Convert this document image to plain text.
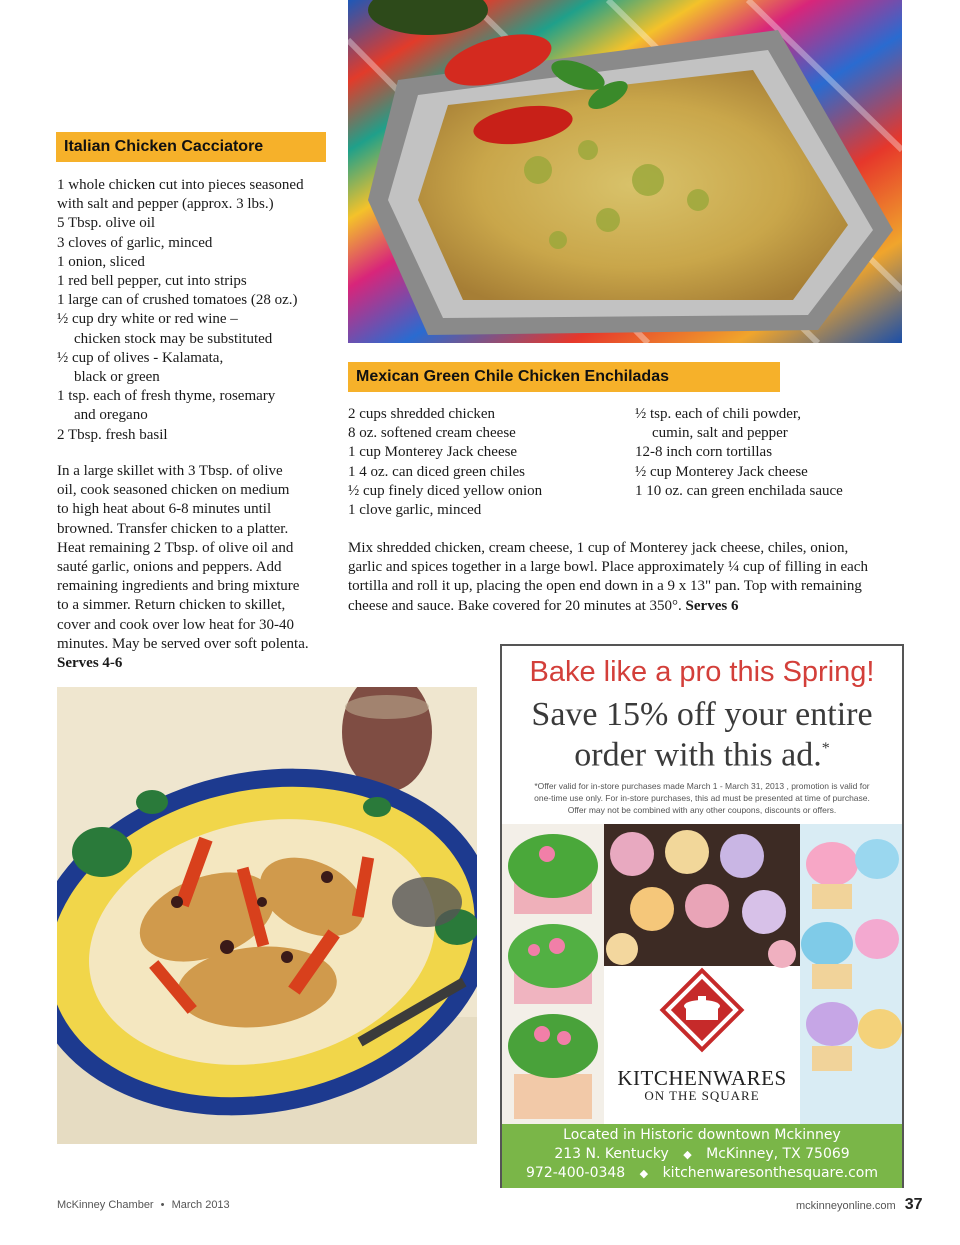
Italian Chicken Cacciatore
1 whole chicken cut into pieces seasoned
with salt and pepper (approx. 3 lbs.)
5 Tbsp. olive oil
3 cloves of garlic, minced
1 onion, sliced
1 red bell pepper, cut into strips
1 large can of crushed tomatoes (28 oz.)
½ cup dry white or red wine –
chicken stock may be substituted
½ cup of olives - Kalamata,
black or green
1 tsp. each of fresh thyme, rosemary
and oregano
2 Tbsp. fresh basil
In a large skillet with 3 Tbsp. of olive
oil, cook seasoned chicken on medium
to high heat about 6-8 minutes until
browned. Transfer chicken to a platter.
Heat remaining 2 Tbsp. of olive oil and
sauté garlic, onions and peppers. Add
remaining ingredients and bring mixture
to a simmer. Return chicken to skillet,
cover and cook over low heat for 30-40
minutes. May be served over soft polenta.
Serves 4-6
Mexican Green Chile Chicken Enchiladas
2 cups shredded chicken
8 oz. softened cream cheese
1 cup Monterey Jack cheese
1 4 oz. can diced green chiles
½ cup finely diced yellow onion
1 clove garlic, minced
½ tsp. each of chili powder,
cumin, salt and pepper
12-8 inch corn tortillas
½ cup Monterey Jack cheese
1 10 oz. can green enchilada sauce
Mix shredded chicken, cream cheese, 1 cup of Monterey jack cheese, chiles, onion,
garlic and spices together in a large bowl. Place approximately ¼ cup of filling in each
tortilla and roll it up, placing the open end down in a 9 x 13" pan. Top with remaining
cheese and sauce. Bake covered for 20 minutes at 350°. Serves 6
Bake like a pro this Spring!
Save 15% off your entire
order with this ad.*
*Offer valid for in-store purchases made March 1 - March 31, 2013 , promotion is valid for
one-time use only. For in-store purchases, this ad must be presented at time of purchase.
Offer may not be combined with any other coupons, discounts or offers.
KITCHENWARES
ON THE SQUARE
Located in Historic downtown Mckinney
213 N. Kentucky ◆ McKinney, TX 75069
972-400-0348 ◆ kitchenwaresonthesquare.com
McKinney Chamber • March 2013	mckinneyonline.com 37
